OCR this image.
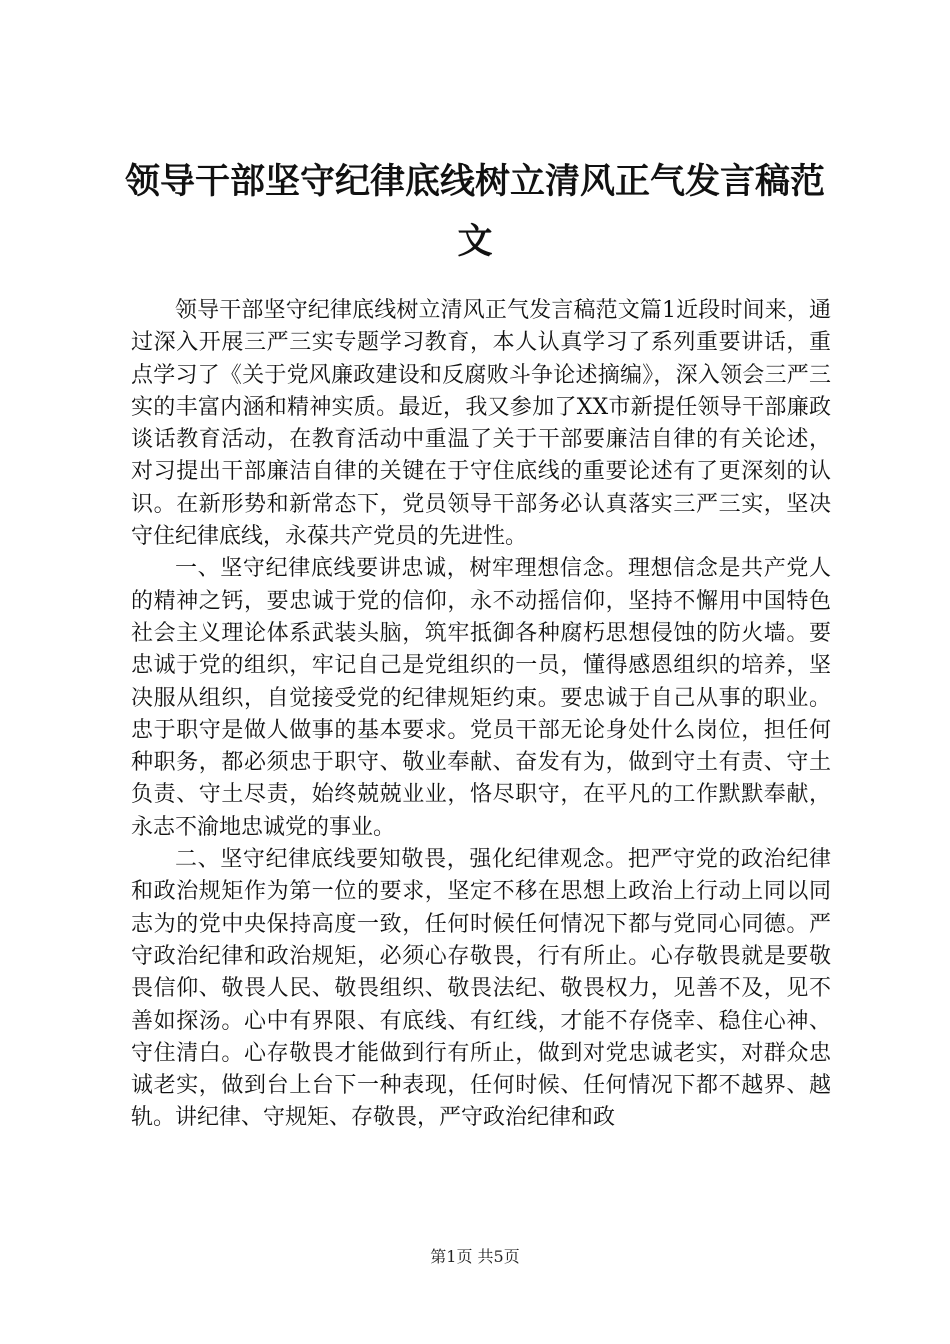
领导干部坚守纪律底线树立清风正气发言稿范文

领导干部坚守纪律底线树立清风正气发言稿范文篇1近段时间来，通过深入开展三严三实专题学习教育，本人认真学习了系列重要讲话，重点学习了《关于党风廉政建设和反腐败斗争论述摘编》，深入领会三严三实的丰富内涵和精神实质。最近，我又参加了XX市新提任领导干部廉政谈话教育活动，在教育活动中重温了关于干部要廉洁自律的有关论述，对习提出干部廉洁自律的关键在于守住底线的重要论述有了更深刻的认识。在新形势和新常态下，党员领导干部务必认真落实三严三实，坚决守住纪律底线，永葆共产党员的先进性。

一、坚守纪律底线要讲忠诚，树牢理想信念。理想信念是共产党人的精神之钙，要忠诚于党的信仰，永不动摇信仰，坚持不懈用中国特色社会主义理论体系武装头脑，筑牢抵御各种腐朽思想侵蚀的防火墙。要忠诚于党的组织，牢记自己是党组织的一员，懂得感恩组织的培养，坚决服从组织，自觉接受党的纪律规矩约束。要忠诚于自己从事的职业。忠于职守是做人做事的基本要求。党员干部无论身处什么岗位，担任何种职务，都必须忠于职守、敬业奉献、奋发有为，做到守土有责、守土负责、守土尽责，始终兢兢业业，恪尽职守，在平凡的工作默默奉献，永志不渝地忠诚党的事业。

二、坚守纪律底线要知敬畏，强化纪律观念。把严守党的政治纪律和政治规矩作为第一位的要求，坚定不移在思想上政治上行动上同以同志为的党中央保持高度一致，任何时候任何情况下都与党同心同德。严守政治纪律和政治规矩，必须心存敬畏，行有所止。心存敬畏就是要敬畏信仰、敬畏人民、敬畏组织、敬畏法纪、敬畏权力，见善不及，见不善如探汤。心中有界限、有底线、有红线，才能不存侥幸、稳住心神、守住清白。心存敬畏才能做到行有所止，做到对党忠诚老实，对群众忠诚老实，做到台上台下一种表现，任何时候、任何情况下都不越界、越轨。讲纪律、守规矩、存敬畏，严守政治纪律和政

第1页 共5页
